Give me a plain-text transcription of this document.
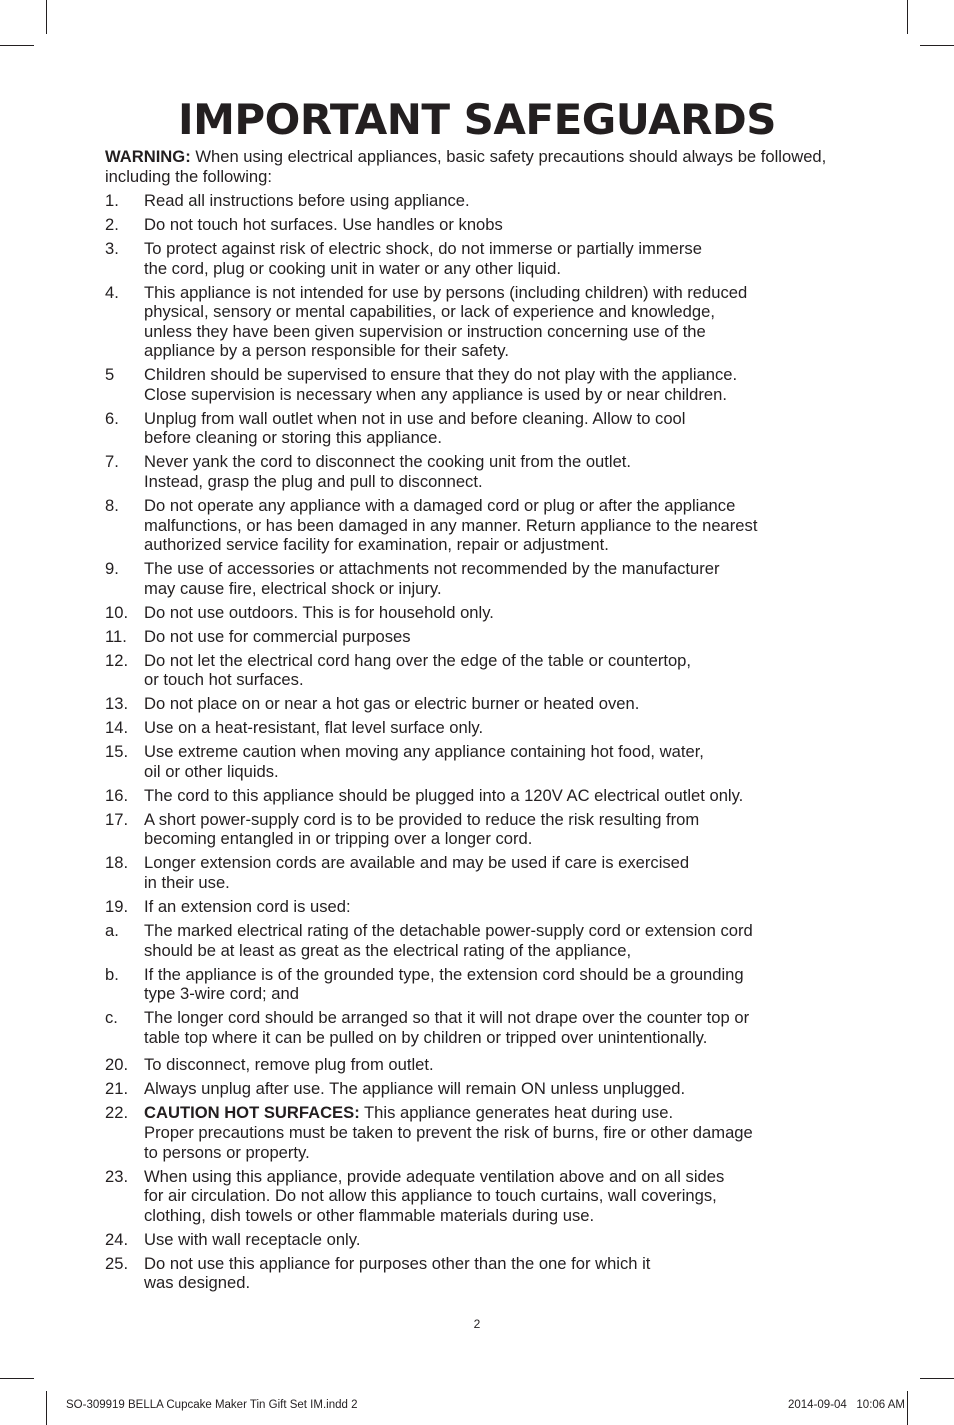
IMPORTANT SAFEGUARDS

WARNING: When using electrical appliances, basic safety precautions should always be followed, including the following:

1.	Read all instructions before using appliance.
2.	Do not touch hot surfaces. Use handles or knobs
3.	To protect against risk of electric shock, do not immerse or partially immerse
the cord, plug or cooking unit in water or any other liquid.
4.	This appliance is not intended for use by persons (including children) with reduced
physical, sensory or mental capabilities, or lack of experience and knowledge,
unless they have been given supervision or instruction concerning use of the
appliance by a person responsible for their safety.
5	Children should be supervised to ensure that they do not play with the appliance.
Close supervision is necessary when any appliance is used by or near children.
6.	Unplug from wall outlet when not in use and before cleaning. Allow to cool
before cleaning or storing this appliance.
7.	Never yank the cord to disconnect the cooking unit from the outlet.
Instead, grasp the plug and pull to disconnect.
8.	Do not operate any appliance with a damaged cord or plug or after the appliance
malfunctions, or has been damaged in any manner. Return appliance to the nearest
authorized service facility for examination, repair or adjustment.
9.	The use of accessories or attachments not recommended by the manufacturer
may cause fire, electrical shock or injury.
10. Do not use outdoors. This is for household only.
11.	Do not use for commercial purposes
12. Do not let the electrical cord hang over the edge of the table or countertop,
or touch hot surfaces.
13. Do not place on or near a hot gas or electric burner or heated oven.
14. Use on a heat-resistant, flat level surface only.
15. Use extreme caution when moving any appliance containing hot food, water,
oil or other liquids.
16. The cord to this appliance should be plugged into a 120V AC electrical outlet only.
17. A short power-supply cord is to be provided to reduce the risk resulting from
becoming entangled in or tripping over a longer cord.
18. Longer extension cords are available and may be used if care is exercised
in their use.
19. If an extension cord is used:
a.	The marked electrical rating of the detachable power-supply cord or extension cord
should be at least as great as the electrical rating of the appliance,
b.	If the appliance is of the grounded type, the extension cord should be a grounding
type 3-wire cord; and
c.	The longer cord should be arranged so that it will not drape over the counter top or
table top where it can be pulled on by children or tripped over unintentionally.
20. To disconnect, remove plug from outlet.
21. Always unplug after use. The appliance will remain ON unless unplugged.
22. CAUTION HOT SURFACES: This appliance generates heat during use.
Proper precautions must be taken to prevent the risk of burns, fire or other damage
to persons or property.
23. When using this appliance, provide adequate ventilation above and on all sides
for air circulation. Do not allow this appliance to touch curtains, wall coverings,
clothing, dish towels or other flammable materials during use.
24. Use with wall receptacle only.
25. Do not use this appliance for purposes other than the one for which it
was designed.
2
SO-309919 BELLA Cupcake Maker Tin Gift Set IM.indd 2	2014-09-04   10:06 AM
